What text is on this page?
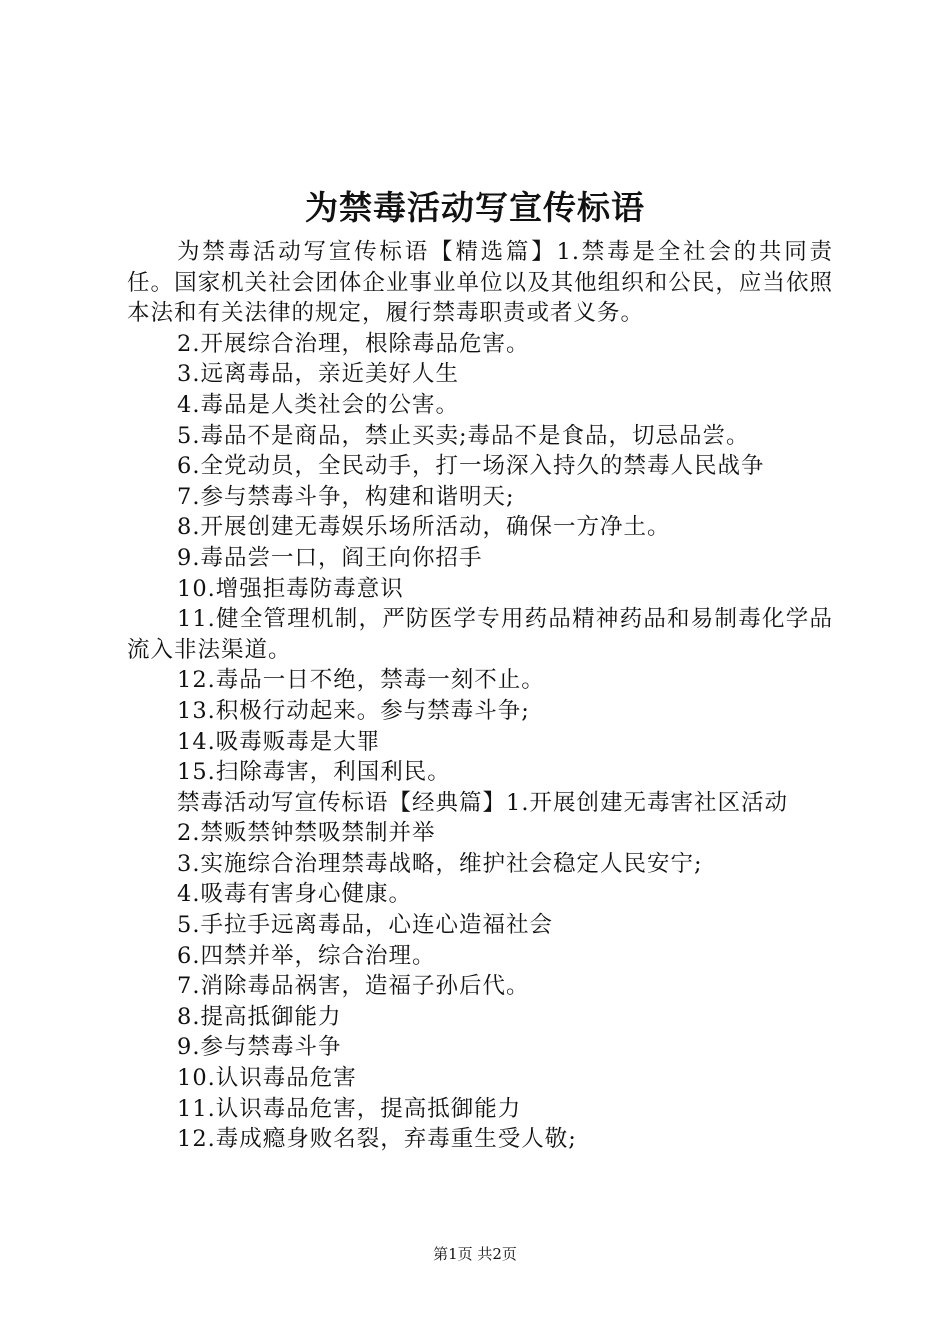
为禁毒活动写宣传标语

为禁毒活动写宣传标语【精选篇】1.禁毒是全社会的共同责任。国家机关社会团体企业事业单位以及其他组织和公民，应当依照本法和有关法律的规定，履行禁毒职责或者义务。

2.开展综合治理，根除毒品危害。

3.远离毒品，亲近美好人生

4.毒品是人类社会的公害。

5.毒品不是商品，禁止买卖;毒品不是食品，切忌品尝。

6.全党动员，全民动手，打一场深入持久的禁毒人民战争

7.参与禁毒斗争，构建和谐明天;

8.开展创建无毒娱乐场所活动，确保一方净土。

9.毒品尝一口，阎王向你招手

10.增强拒毒防毒意识

11.健全管理机制，严防医学专用药品精神药品和易制毒化学品流入非法渠道。

12.毒品一日不绝，禁毒一刻不止。

13.积极行动起来。参与禁毒斗争;

14.吸毒贩毒是大罪

15.扫除毒害，利国利民。

禁毒活动写宣传标语【经典篇】1.开展创建无毒害社区活动

2.禁贩禁钟禁吸禁制并举

3.实施综合治理禁毒战略，维护社会稳定人民安宁;

4.吸毒有害身心健康。

5.手拉手远离毒品，心连心造福社会

6.四禁并举，综合治理。

7.消除毒品祸害，造福子孙后代。

8.提高抵御能力

9.参与禁毒斗争

10.认识毒品危害

11.认识毒品危害，提高抵御能力

12.毒成瘾身败名裂，弃毒重生受人敬;

第1页 共2页
